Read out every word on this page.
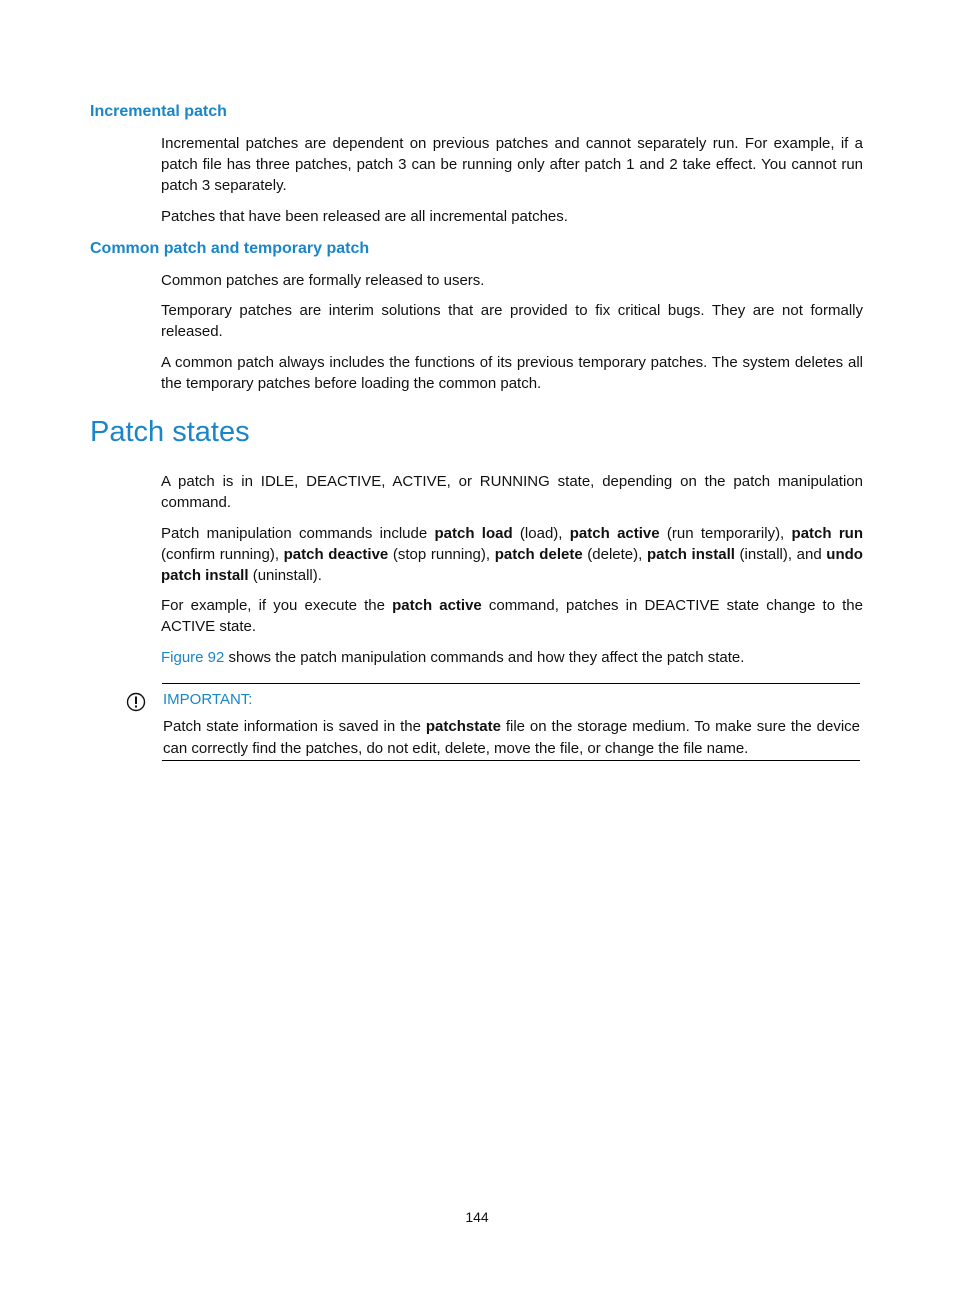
Incremental patch

Incremental patches are dependent on previous patches and cannot separately run. For example, if a patch file has three patches, patch 3 can be running only after patch 1 and 2 take effect. You cannot run patch 3 separately.

Patches that have been released are all incremental patches.

Common patch and temporary patch

Common patches are formally released to users.

Temporary patches are interim solutions that are provided to fix critical bugs. They are not formally released.

A common patch always includes the functions of its previous temporary patches. The system deletes all the temporary patches before loading the common patch.

Patch states

A patch is in IDLE, DEACTIVE, ACTIVE, or RUNNING state, depending on the patch manipulation command.

Patch manipulation commands include patch load (load), patch active (run temporarily), patch run (confirm running), patch deactive (stop running), patch delete (delete), patch install (install), and undo patch install (uninstall).

For example, if you execute the patch active command, patches in DEACTIVE state change to the ACTIVE state.

Figure 92 shows the patch manipulation commands and how they affect the patch state.

IMPORTANT:
Patch state information is saved in the patchstate file on the storage medium. To make sure the device can correctly find the patches, do not edit, delete, move the file, or change the file name.
144
